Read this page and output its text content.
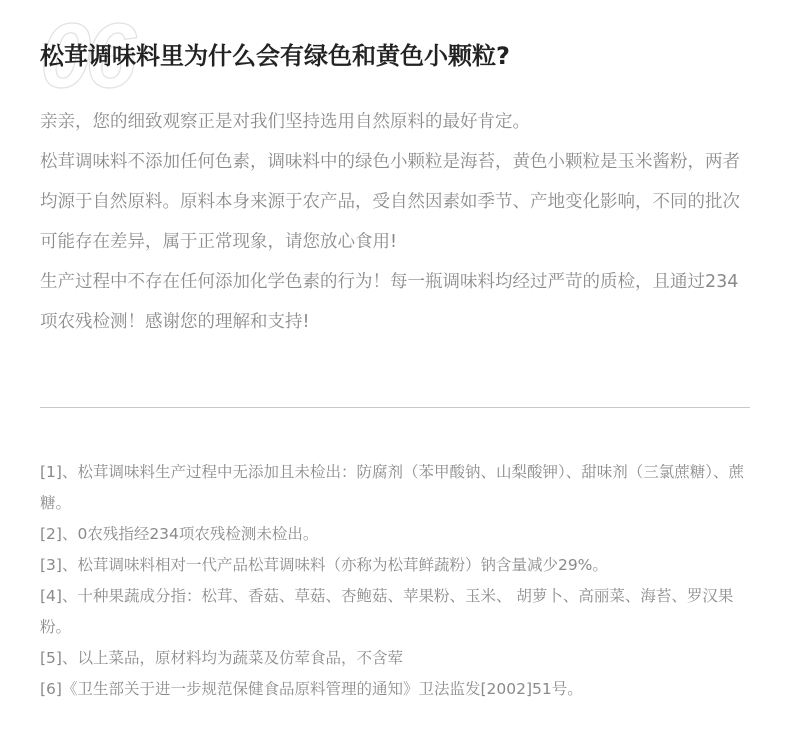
06
松茸调味料里为什么会有绿色和黄色小颗粒?

亲亲，您的细致观察正是对我们坚持选用自然原料的最好肯定。

松茸调味料不添加任何色素，调味料中的绿色小颗粒是海苔，黄色小颗粒是玉米酱粉，两者均源于自然原料。原料本身来源于农产品，受自然因素如季节、产地变化影响，不同的批次可能存在差异，属于正常现象，请您放心食用!

生产过程中不存在任何添加化学色素的行为！每一瓶调味料均经过严苛的质检，且通过234项农残检测！感谢您的理解和支持!

[1]、松茸调味料生产过程中无添加且未检出：防腐剂（苯甲酸钠、山梨酸钾）、甜味剂（三氯蔗糖）、蔗糖。

[2]、0农残指经234项农残检测未检出。

[3]、松茸调味料相对一代产品松茸调味料（亦称为松茸鲜蔬粉）钠含量减少29%。

[4]、十种果蔬成分指：松茸、香菇、草菇、杏鲍菇、苹果粉、玉米、 胡萝卜、高丽菜、海苔、罗汉果粉。

[5]、以上菜品，原材料均为蔬菜及仿荤食品，不含荤

[6]《卫生部关于进一步规范保健食品原料管理的通知》卫法监发[2002]51号。
